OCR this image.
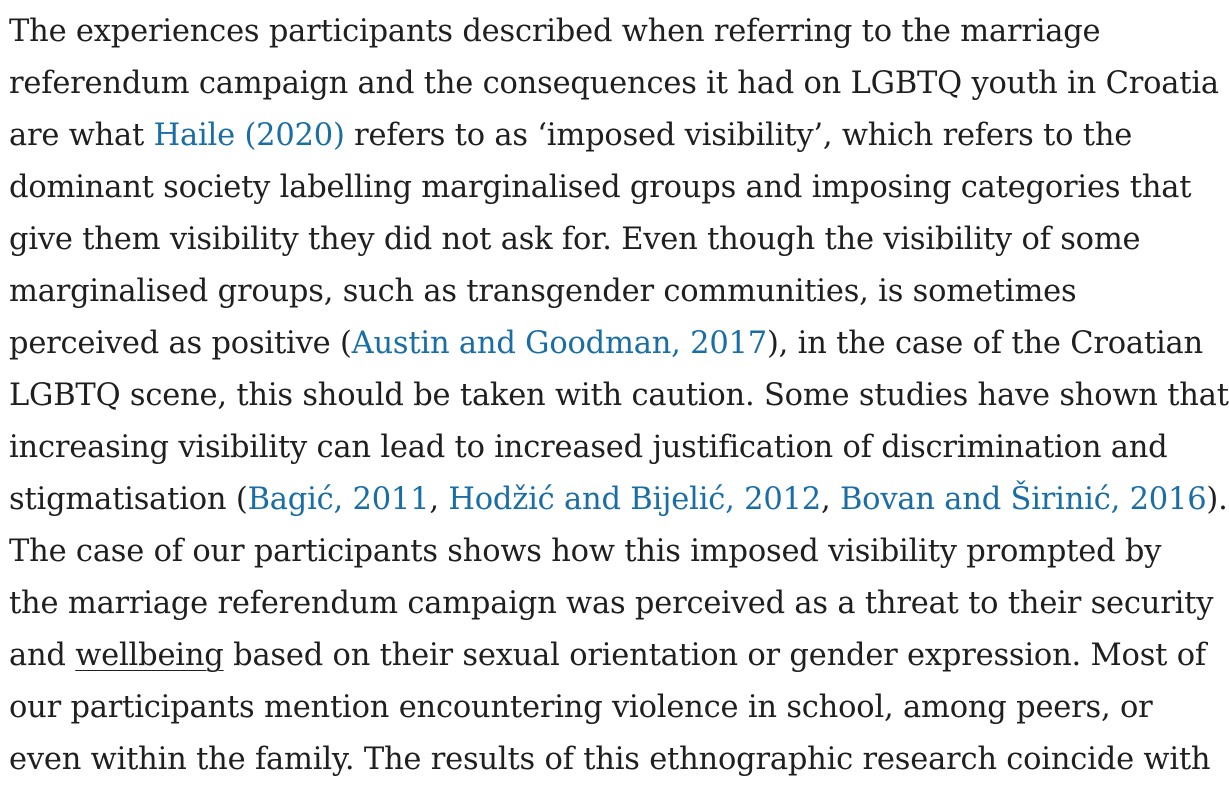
The experiences participants described when referring to the marriage
referendum campaign and the consequences it had on LGBTQ youth in Croatia
are what Haile (2020) refers to as ‘imposed visibility’, which refers to the
dominant society labelling marginalised groups and imposing categories that
give them visibility they did not ask for. Even though the visibility of some
marginalised groups, such as transgender communities, is sometimes
perceived as positive (Austin and Goodman, 2017), in the case of the Croatian
LGBTQ scene, this should be taken with caution. Some studies have shown that
increasing visibility can lead to increased justification of discrimination and
stigmatisation (Bagić, 2011, Hodžić and Bijelić, 2012, Bovan and Širinić, 2016).
The case of our participants shows how this imposed visibility prompted by
the marriage referendum campaign was perceived as a threat to their security
and wellbeing based on their sexual orientation or gender expression. Most of
our participants mention encountering violence in school, among peers, or
even within the family. The results of this ethnographic research coincide with
